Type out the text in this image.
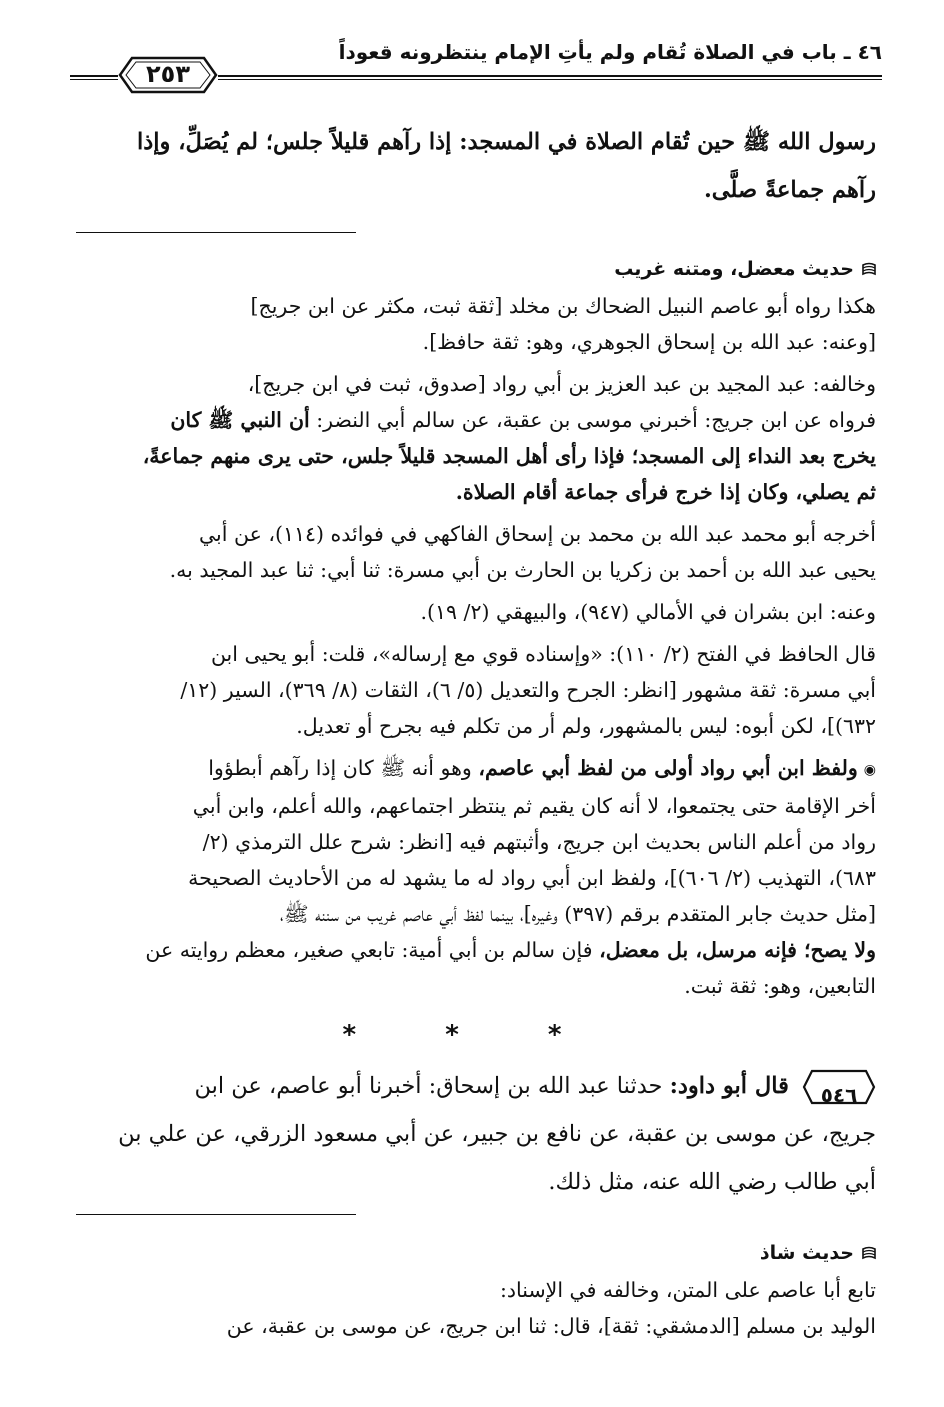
٤٦ ـ باب في الصلاة تُقام ولم يأتِ الإمام ينتظرونه قعوداً
٢٥٣

رسول الله ﷺ حين تُقام الصلاة في المسجد: إذا رآهم قليلاً جلس؛ لم يُصَلِّ، وإذا

رآهم جماعةً صلَّى.

حديث معضل، ومتنه غريب

هكذا رواه أبو عاصم النبيل الضحاك بن مخلد [ثقة ثبت، مكثر عن ابن جريج]

[وعنه: عبد الله بن إسحاق الجوهري، وهو: ثقة حافظ].

وخالفه: عبد المجيد بن عبد العزيز بن أبي رواد [صدوق، ثبت في ابن جريج]،

فرواه عن ابن جريج: أخبرني موسى بن عقبة، عن سالم أبي النضر: أن النبي ﷺ كان

يخرج بعد النداء إلى المسجد؛ فإذا رأى أهل المسجد قليلاً جلس، حتى يرى منهم جماعةً،

ثم يصلي، وكان إذا خرج فرأى جماعة أقام الصلاة.

أخرجه أبو محمد عبد الله بن محمد بن إسحاق الفاكهي في فوائده (١١٤)، عن أبي

يحيى عبد الله بن أحمد بن زكريا بن الحارث بن أبي مسرة: ثنا أبي: ثنا عبد المجيد به.

وعنه: ابن بشران في الأمالي (٩٤٧)، والبيهقي (٢/ ١٩).

قال الحافظ في الفتح (٢/ ١١٠): «وإسناده قوي مع إرساله»، قلت: أبو يحيى ابن

أبي مسرة: ثقة مشهور [انظر: الجرح والتعديل (٥/ ٦)، الثقات (٨/ ٣٦٩)، السير (١٢/

٦٣٢)]، لكن أبوه: ليس بالمشهور، ولم أر من تكلم فيه بجرح أو تعديل.

◉ولفظ ابن أبي رواد أولى من لفظ أبي عاصم، وهو أنه ﷺ كان إذا رآهم أبطؤوا

أخر الإقامة حتى يجتمعوا، لا أنه كان يقيم ثم ينتظر اجتماعهم، والله أعلم، وابن أبي

رواد من أعلم الناس بحديث ابن جريج، وأثبتهم فيه [انظر: شرح علل الترمذي (٢/

٦٨٣)، التهذيب (٢/ ٦٠٦)]، ولفظ ابن أبي رواد له ما يشهد له من الأحاديث الصحيحة

[مثل حديث جابر المتقدم برقم (٣٩٧) وغيره]، بينما لفظ أبي عاصم غريب من سننه ﷺ،

ولا يصح؛ فإنه مرسل، بل معضل، فإن سالم بن أبي أمية: تابعي صغير، معظم روايته عن

التابعين، وهو: ثقة ثبت.

* * *

٥٤٦
قال أبو داود: حدثنا عبد الله بن إسحاق: أخبرنا أبو عاصم، عن ابن

جريج، عن موسى بن عقبة، عن نافع بن جبير، عن أبي مسعود الزرقي، عن علي بن

أبي طالب رضي الله عنه، مثل ذلك.

حديث شاذ

تابع أبا عاصم على المتن، وخالفه في الإسناد:

الوليد بن مسلم [الدمشقي: ثقة]، قال: ثنا ابن جريج، عن موسى بن عقبة، عن
